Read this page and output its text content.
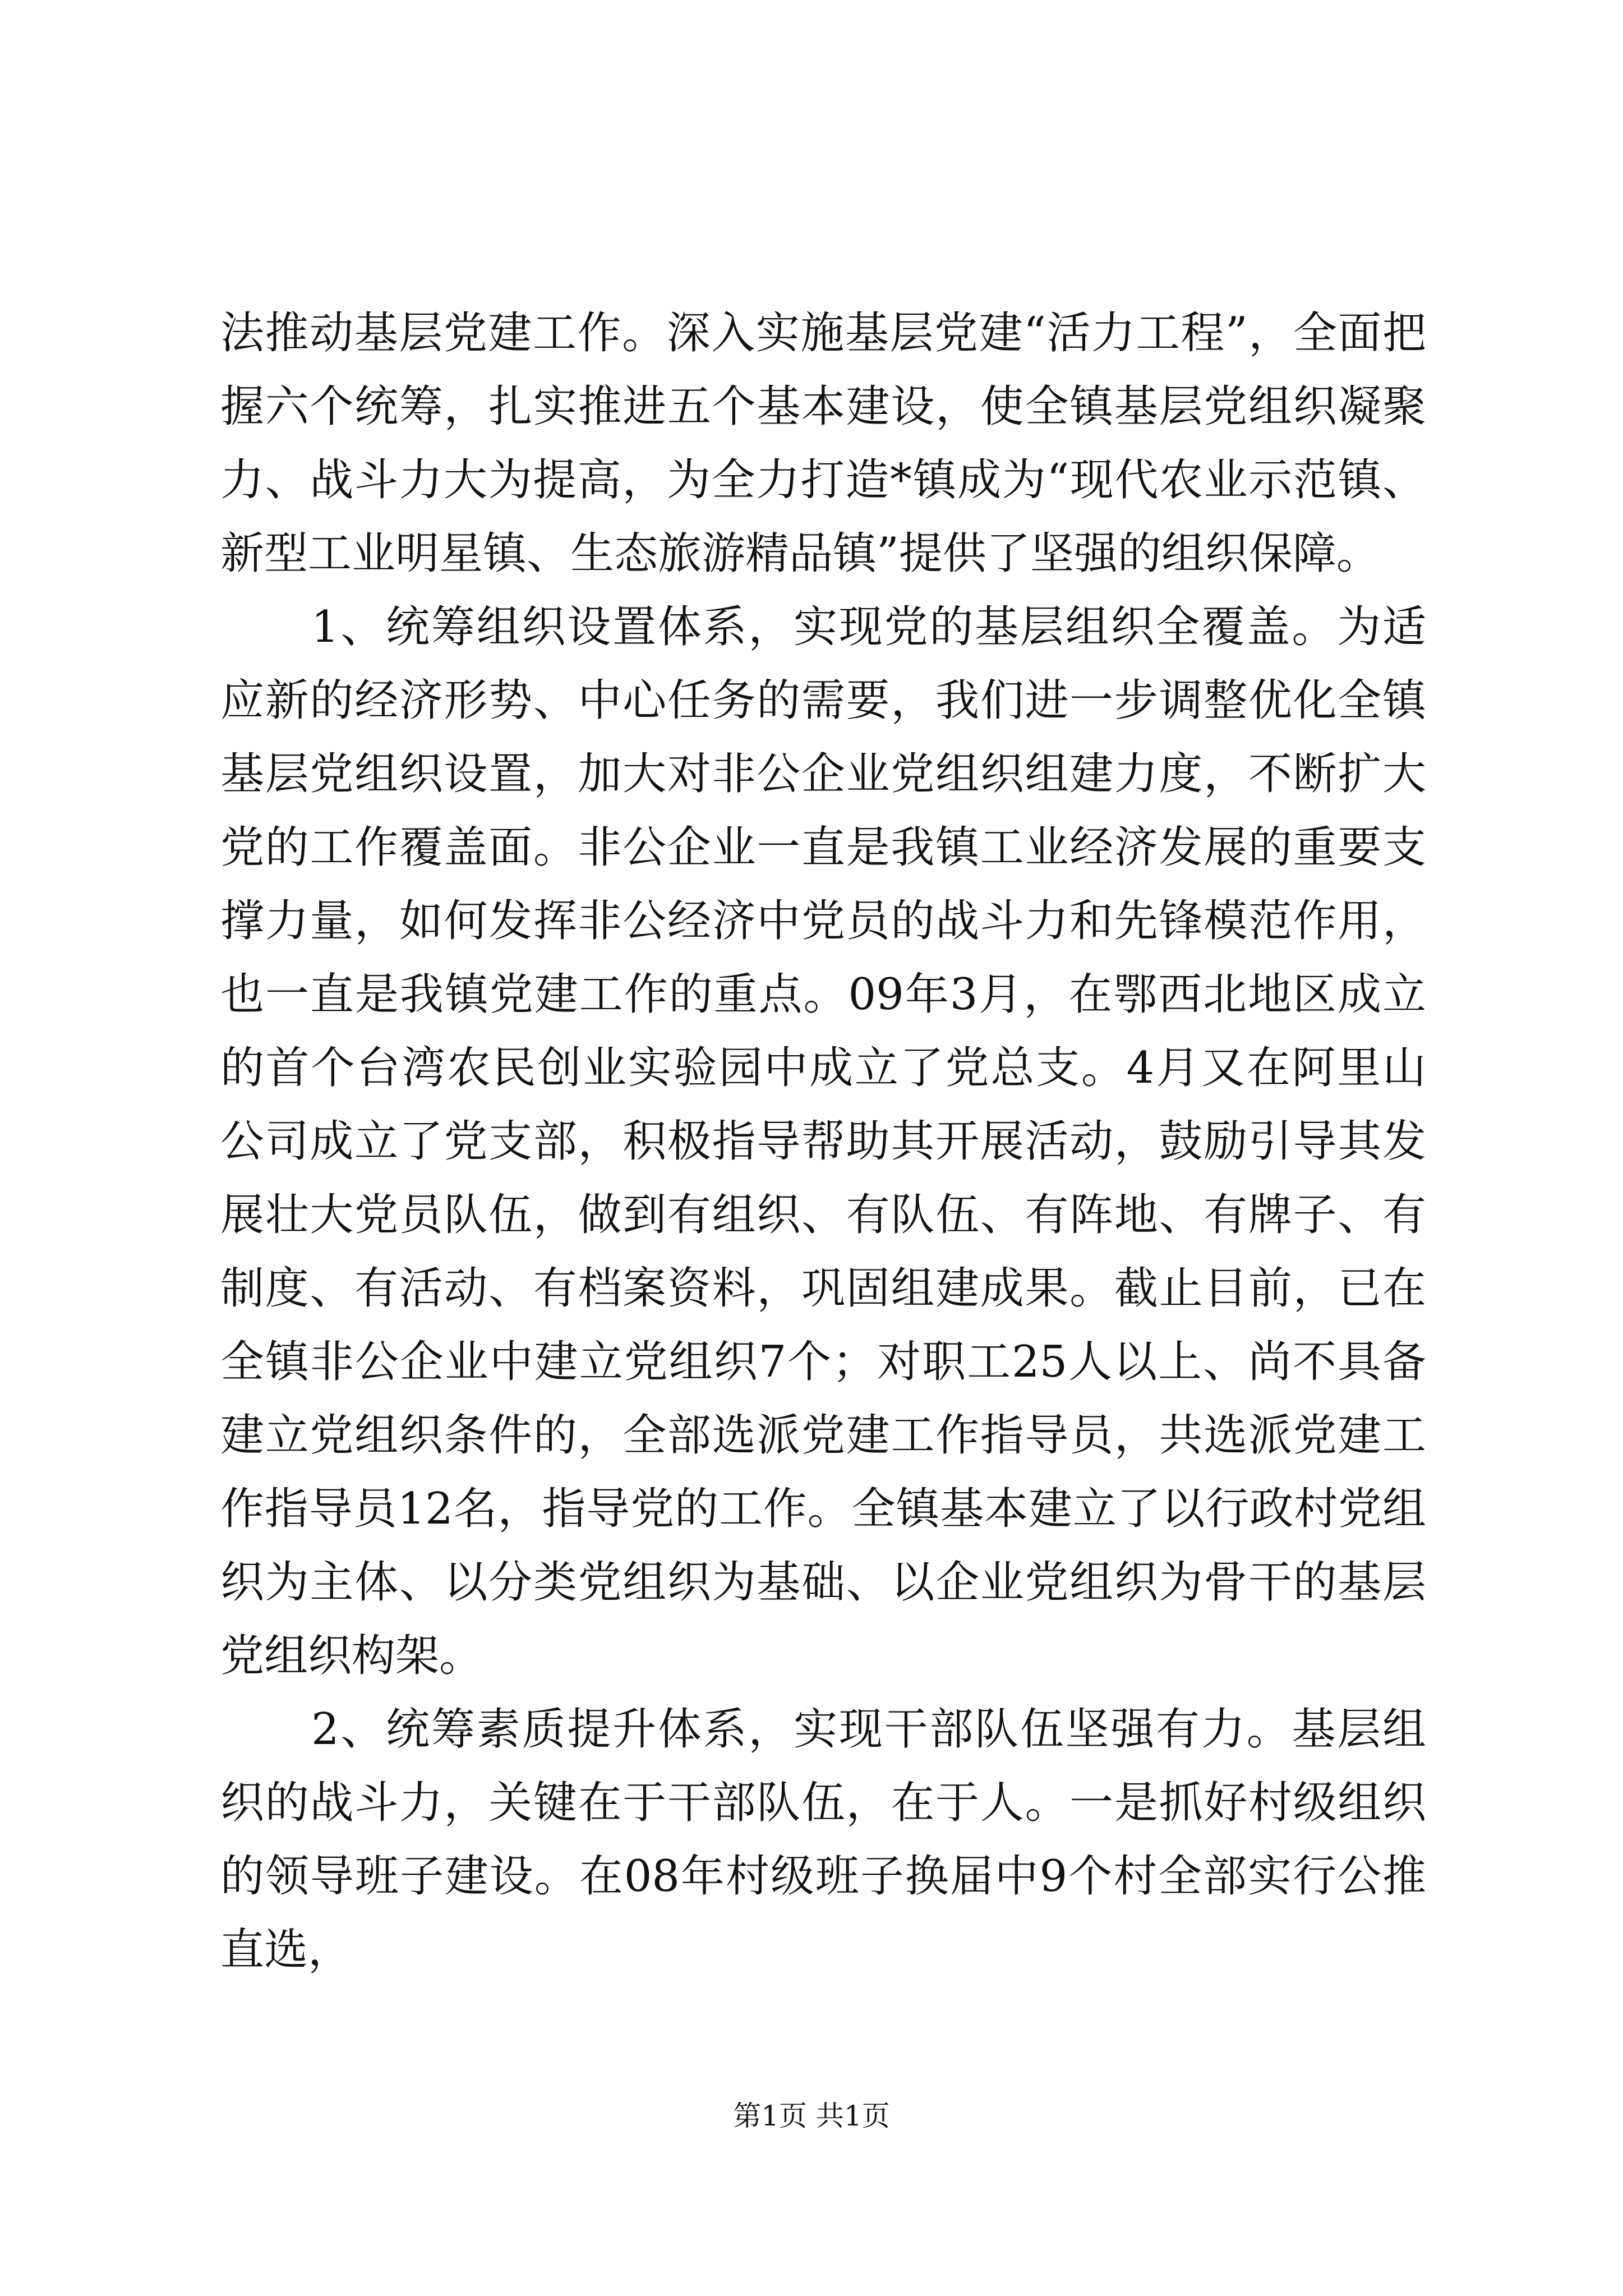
法推动基层党建工作。深入实施基层党建“活力工程”，全面把握六个统筹，扎实推进五个基本建设，使全镇基层党组织凝聚力、战斗力大为提高，为全力打造*镇成为“现代农业示范镇、新型工业明星镇、生态旅游精品镇”提供了坚强的组织保障。

1、统筹组织设置体系，实现党的基层组织全覆盖。为适应新的经济形势、中心任务的需要，我们进一步调整优化全镇基层党组织设置，加大对非公企业党组织组建力度，不断扩大党的工作覆盖面。非公企业一直是我镇工业经济发展的重要支撑力量，如何发挥非公经济中党员的战斗力和先锋模范作用，也一直是我镇党建工作的重点。09年3月，在鄂西北地区成立的首个台湾农民创业实验园中成立了党总支。4月又在阿里山公司成立了党支部，积极指导帮助其开展活动，鼓励引导其发展壮大党员队伍，做到有组织、有队伍、有阵地、有牌子、有制度、有活动、有档案资料，巩固组建成果。截止目前，已在全镇非公企业中建立党组织7个；对职工25人以上、尚不具备建立党组织条件的，全部选派党建工作指导员，共选派党建工作指导员12名，指导党的工作。全镇基本建立了以行政村党组织为主体、以分类党组织为基础、以企业党组织为骨干的基层党组织构架。

2、统筹素质提升体系，实现干部队伍坚强有力。基层组织的战斗力，关键在于干部队伍，在于人。一是抓好村级组织的领导班子建设。在08年村级班子换届中9个村全部实行公推直选，

第1页 共1页
